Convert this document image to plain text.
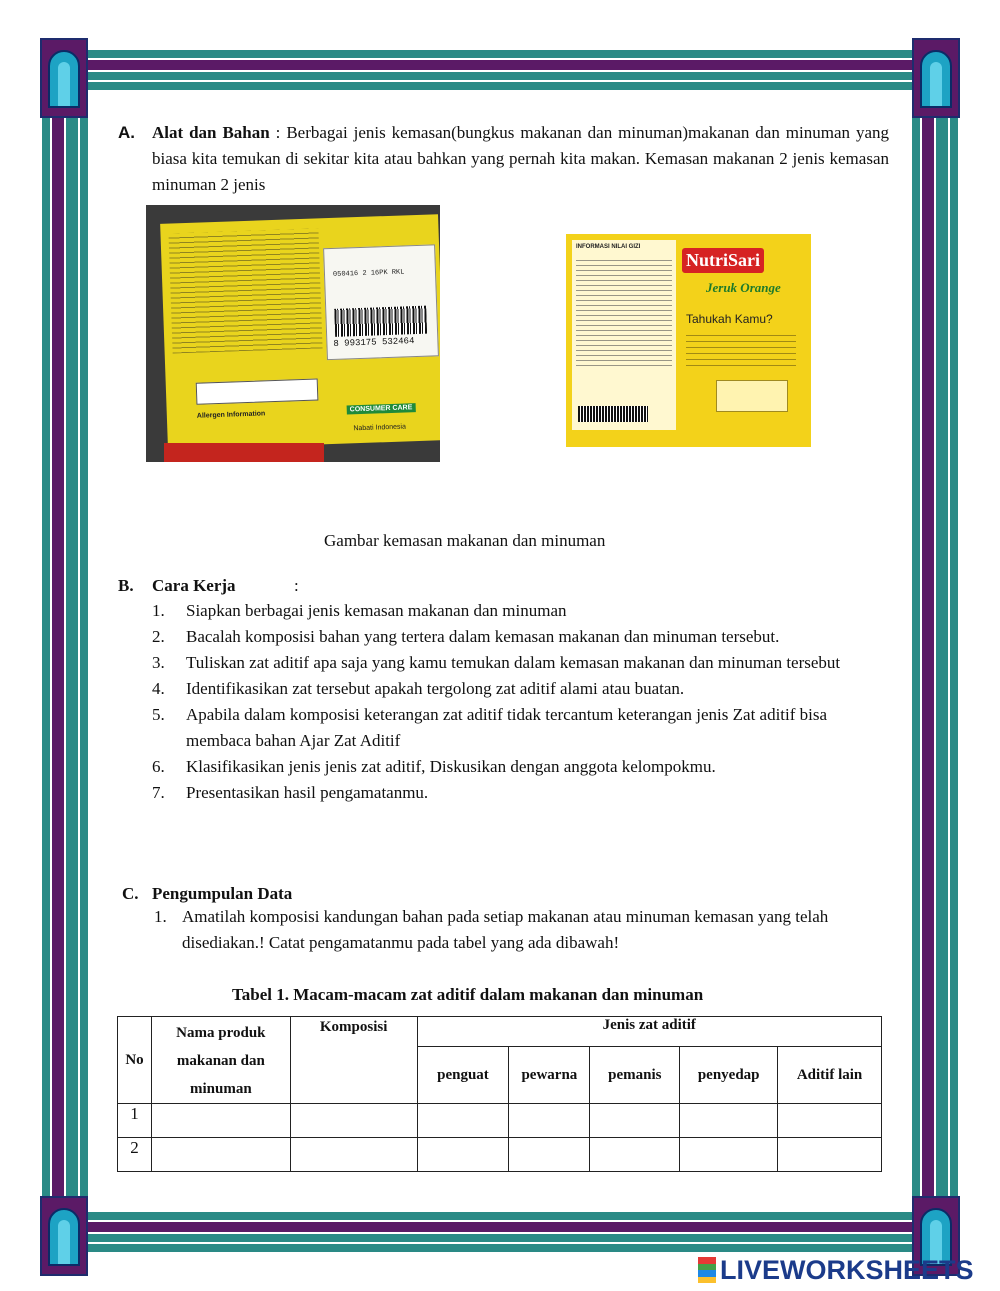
A. Alat dan Bahan : Berbagai jenis kemasan(bungkus makanan dan minuman)makanan dan minuman yang biasa kita temukan di sekitar kita atau bahkan yang pernah kita makan. Kemasan makanan 2 jenis kemasan minuman 2 jenis
050416 2 16PK RKL
8 993175 532464
Allergen Information
CONSUMER CARE
Nabati Indonesia
INFORMASI NILAI GIZI
NutriSari
Jeruk Orange
Tahukah Kamu?
Gambar kemasan makanan dan minuman
B. Cara Kerja	:
1. Siapkan berbagai jenis kemasan makanan dan minuman
2. Bacalah komposisi bahan yang tertera dalam kemasan makanan dan minuman tersebut.
3. Tuliskan zat aditif apa saja yang kamu temukan dalam kemasan makanan dan minuman tersebut
4. Identifikasikan zat tersebut apakah tergolong zat aditif alami atau buatan.
5. Apabila dalam komposisi keterangan zat aditif tidak tercantum keterangan jenis Zat aditif bisa membaca bahan Ajar Zat Aditif
6. Klasifikasikan jenis jenis zat aditif, Diskusikan dengan anggota kelompokmu.
7. Presentasikan hasil pengamatanmu.
C. Pengumpulan Data
1. Amatilah komposisi kandungan bahan pada setiap makanan atau minuman kemasan yang telah disediakan.! Catat pengamatanmu pada tabel yang ada dibawah!
Tabel 1. Macam-macam zat aditif dalam makanan dan minuman
No	Nama produk makanan dan minuman	Komposisi	Jenis zat aditif				
			penguat	pewarna	pemanis	penyedap	Aditif lain
1							
2							
LIVEWORKSHEETS
